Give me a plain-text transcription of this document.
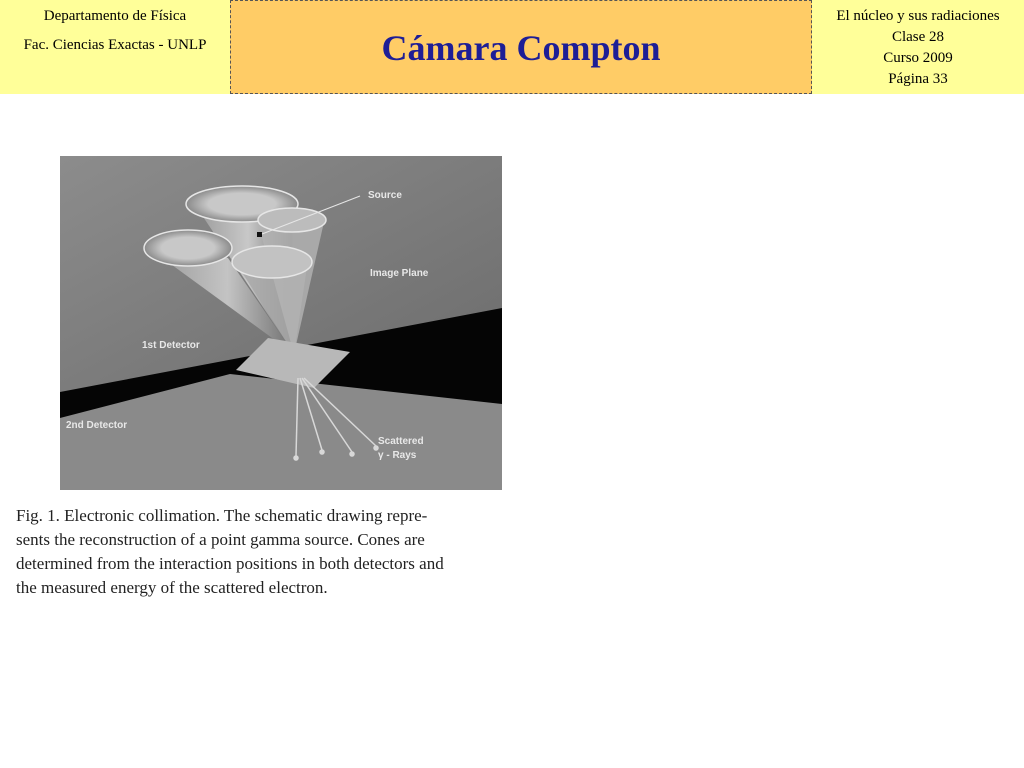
Departamento de Física
Fac. Ciencias Exactas - UNLP	Cámara Compton
El núcleo y sus radiaciones
Clase 28
Curso 2009
Página 33
Source
Image Plane
1st Detector
2nd Detector
Scattered
γ - Rays

Fig. 1. Electronic collimation. The schematic drawing repre-
sents the reconstruction of a point gamma source. Cones are
determined from the interaction positions in both detectors and
the measured energy of the scattered electron.
